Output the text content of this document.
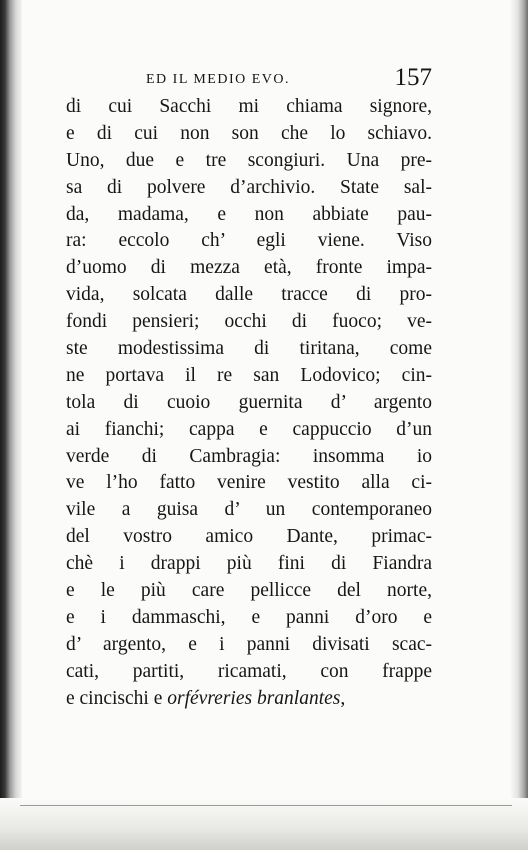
ED IL MEDIO EVO.	157
di cui Sacchi mi chiama signore,
e di cui non son che lo schiavo.
Uno, due e tre scongiuri. Una pre-
sa di polvere d’archivio. State sal-
da, madama, e non abbiate pau-
ra: eccolo ch’ egli viene. Viso
d’uomo di mezza età, fronte impa-
vida, solcata dalle tracce di pro-
fondi pensieri; occhi di fuoco; ve-
ste modestissima di tiritana, come
ne portava il re san Lodovico; cin-
tola di cuoio guernita d’ argento
ai fianchi; cappa e cappuccio d’un
verde di Cambragia: insomma io
ve l’ho fatto venire vestito alla ci-
vile a guisa d’ un contemporaneo
del vostro amico Dante, primac-
chè i drappi più fini di Fiandra
e le più care pellicce del norte,
e i dammaschi, e panni d’oro e
d’ argento, e i panni divisati scac-
cati, partiti, ricamati, con frappe
e cincischi e orfévreries branlantes,
